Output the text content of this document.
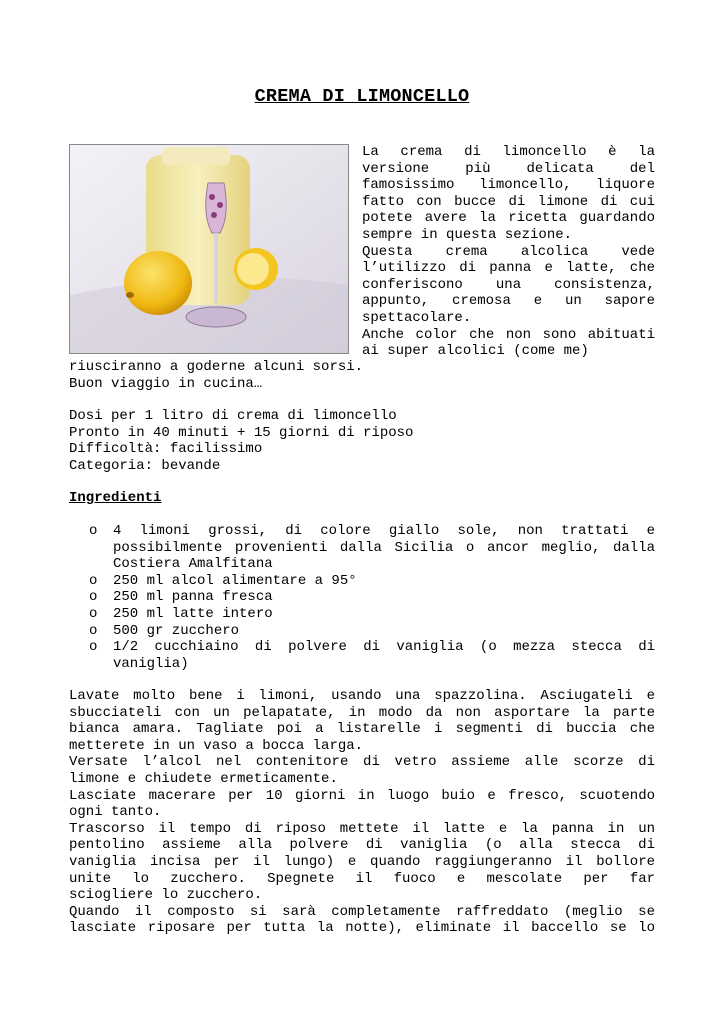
CREMA DI LIMONCELLO
La crema di limoncello è la
versione più delicata del
famosissimo limoncello, liquore
fatto con bucce di limone di cui
potete avere la ricetta guardando
sempre in questa sezione.
Questa crema alcolica vede
l’utilizzo di panna e latte, che
conferiscono una consistenza,
appunto, cremosa e un sapore
spettacolare.
Anche color che non sono abituati
ai super alcolici (come me)
riusciranno a goderne alcuni sorsi.
Buon viaggio in cucina…
Dosi per 1 litro di crema di limoncello
Pronto in 40 minuti + 15 giorni di riposo
Difficoltà: facilissimo
Categoria: bevande
Ingredienti
o 4 limoni grossi, di colore giallo sole, non trattati e
possibilmente provenienti dalla Sicilia o ancor meglio, dalla
Costiera Amalfitana
o 250 ml alcol alimentare a 95°
o 250 ml panna fresca
o 250 ml latte intero
o 500 gr zucchero
o 1/2 cucchiaino di polvere di vaniglia (o mezza stecca di
vaniglia)
Lavate molto bene i limoni, usando una spazzolina. Asciugateli e
sbucciateli con un pelapatate, in modo da non asportare la parte
bianca amara. Tagliate poi a listarelle i segmenti di buccia che
metterete in un vaso a bocca larga.
Versate l’alcol nel contenitore di vetro assieme alle scorze di
limone e chiudete ermeticamente.
Lasciate macerare per 10 giorni in luogo buio e fresco, scuotendo
ogni tanto.
Trascorso il tempo di riposo mettete il latte e la panna in un
pentolino assieme alla polvere di vaniglia (o alla stecca di
vaniglia incisa per il lungo) e quando raggiungeranno il bollore
unite lo zucchero. Spegnete il fuoco e mescolate per far
sciogliere lo zucchero.
Quando il composto si sarà completamente raffreddato (meglio se
lasciate riposare per tutta la notte), eliminate il baccello se lo
